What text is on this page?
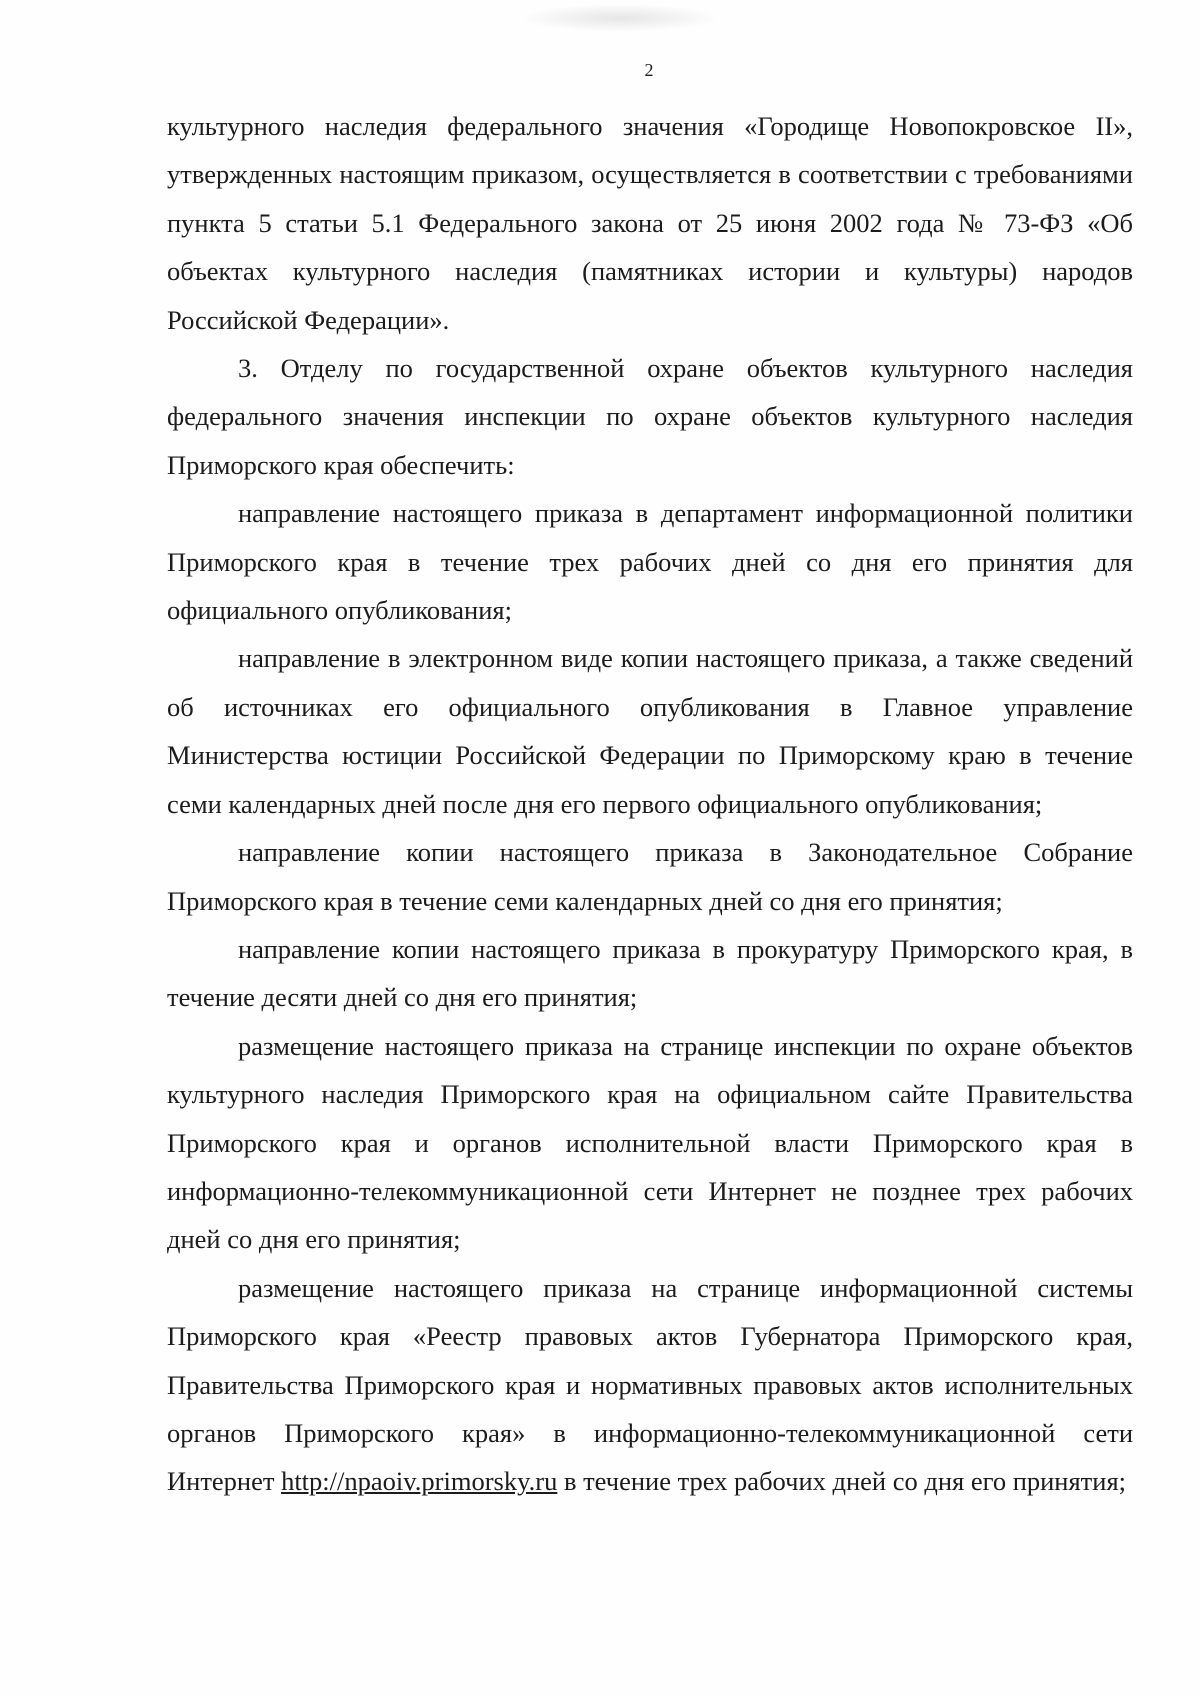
2

культурного наследия федерального значения «Городище Новопокровское II», утвержденных настоящим приказом, осуществляется в соответствии с требованиями пункта 5 статьи 5.1 Федерального закона от 25 июня 2002 года № 73-ФЗ «Об объектах культурного наследия (памятниках истории и культуры) народов Российской Федерации».

3. Отделу по государственной охране объектов культурного наследия федерального значения инспекции по охране объектов культурного наследия Приморского края обеспечить:

направление настоящего приказа в департамент информационной политики Приморского края в течение трех рабочих дней со дня его принятия для официального опубликования;

направление в электронном виде копии настоящего приказа, а также сведений об источниках его официального опубликования в Главное управление Министерства юстиции Российской Федерации по Приморскому краю в течение семи календарных дней после дня его первого официального опубликования;

направление копии настоящего приказа в Законодательное Собрание Приморского края в течение семи календарных дней со дня его принятия;

направление копии настоящего приказа в прокуратуру Приморского края, в течение десяти дней со дня его принятия;

размещение настоящего приказа на странице инспекции по охране объектов культурного наследия Приморского края на официальном сайте Правительства Приморского края и органов исполнительной власти Приморского края в информационно-телекоммуникационной сети Интернет не позднее трех рабочих дней со дня его принятия;

размещение настоящего приказа на странице информационной системы Приморского края «Реестр правовых актов Губернатора Приморского края, Правительства Приморского края и нормативных правовых актов исполнительных органов Приморского края» в информационно-телекоммуникационной сети Интернет http://npaoiv.primorsky.ru в течение трех рабочих дней со дня его принятия;
